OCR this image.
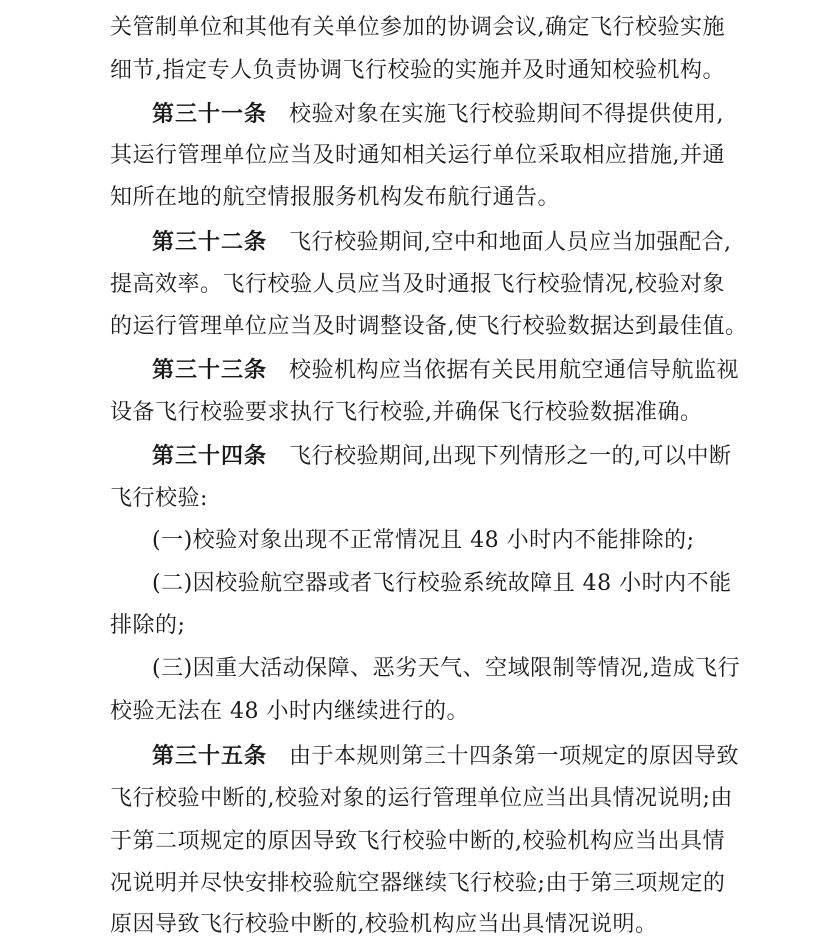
关管制单位和其他有关单位参加的协调会议,确定飞行校验实施
细节,指定专人负责协调飞行校验的实施并及时通知校验机构。
第三十一条 校验对象在实施飞行校验期间不得提供使用,
其运行管理单位应当及时通知相关运行单位采取相应措施,并通
知所在地的航空情报服务机构发布航行通告。
第三十二条 飞行校验期间,空中和地面人员应当加强配合,
提高效率。飞行校验人员应当及时通报飞行校验情况,校验对象
的运行管理单位应当及时调整设备,使飞行校验数据达到最佳值。
第三十三条 校验机构应当依据有关民用航空通信导航监视
设备飞行校验要求执行飞行校验,并确保飞行校验数据准确。
第三十四条 飞行校验期间,出现下列情形之一的,可以中断
飞行校验:
(一)校验对象出现不正常情况且 48 小时内不能排除的;
(二)因校验航空器或者飞行校验系统故障且 48 小时内不能
排除的;
(三)因重大活动保障、恶劣天气、空域限制等情况,造成飞行
校验无法在 48 小时内继续进行的。
第三十五条 由于本规则第三十四条第一项规定的原因导致
飞行校验中断的,校验对象的运行管理单位应当出具情况说明;由
于第二项规定的原因导致飞行校验中断的,校验机构应当出具情
况说明并尽快安排校验航空器继续飞行校验;由于第三项规定的
原因导致飞行校验中断的,校验机构应当出具情况说明。
